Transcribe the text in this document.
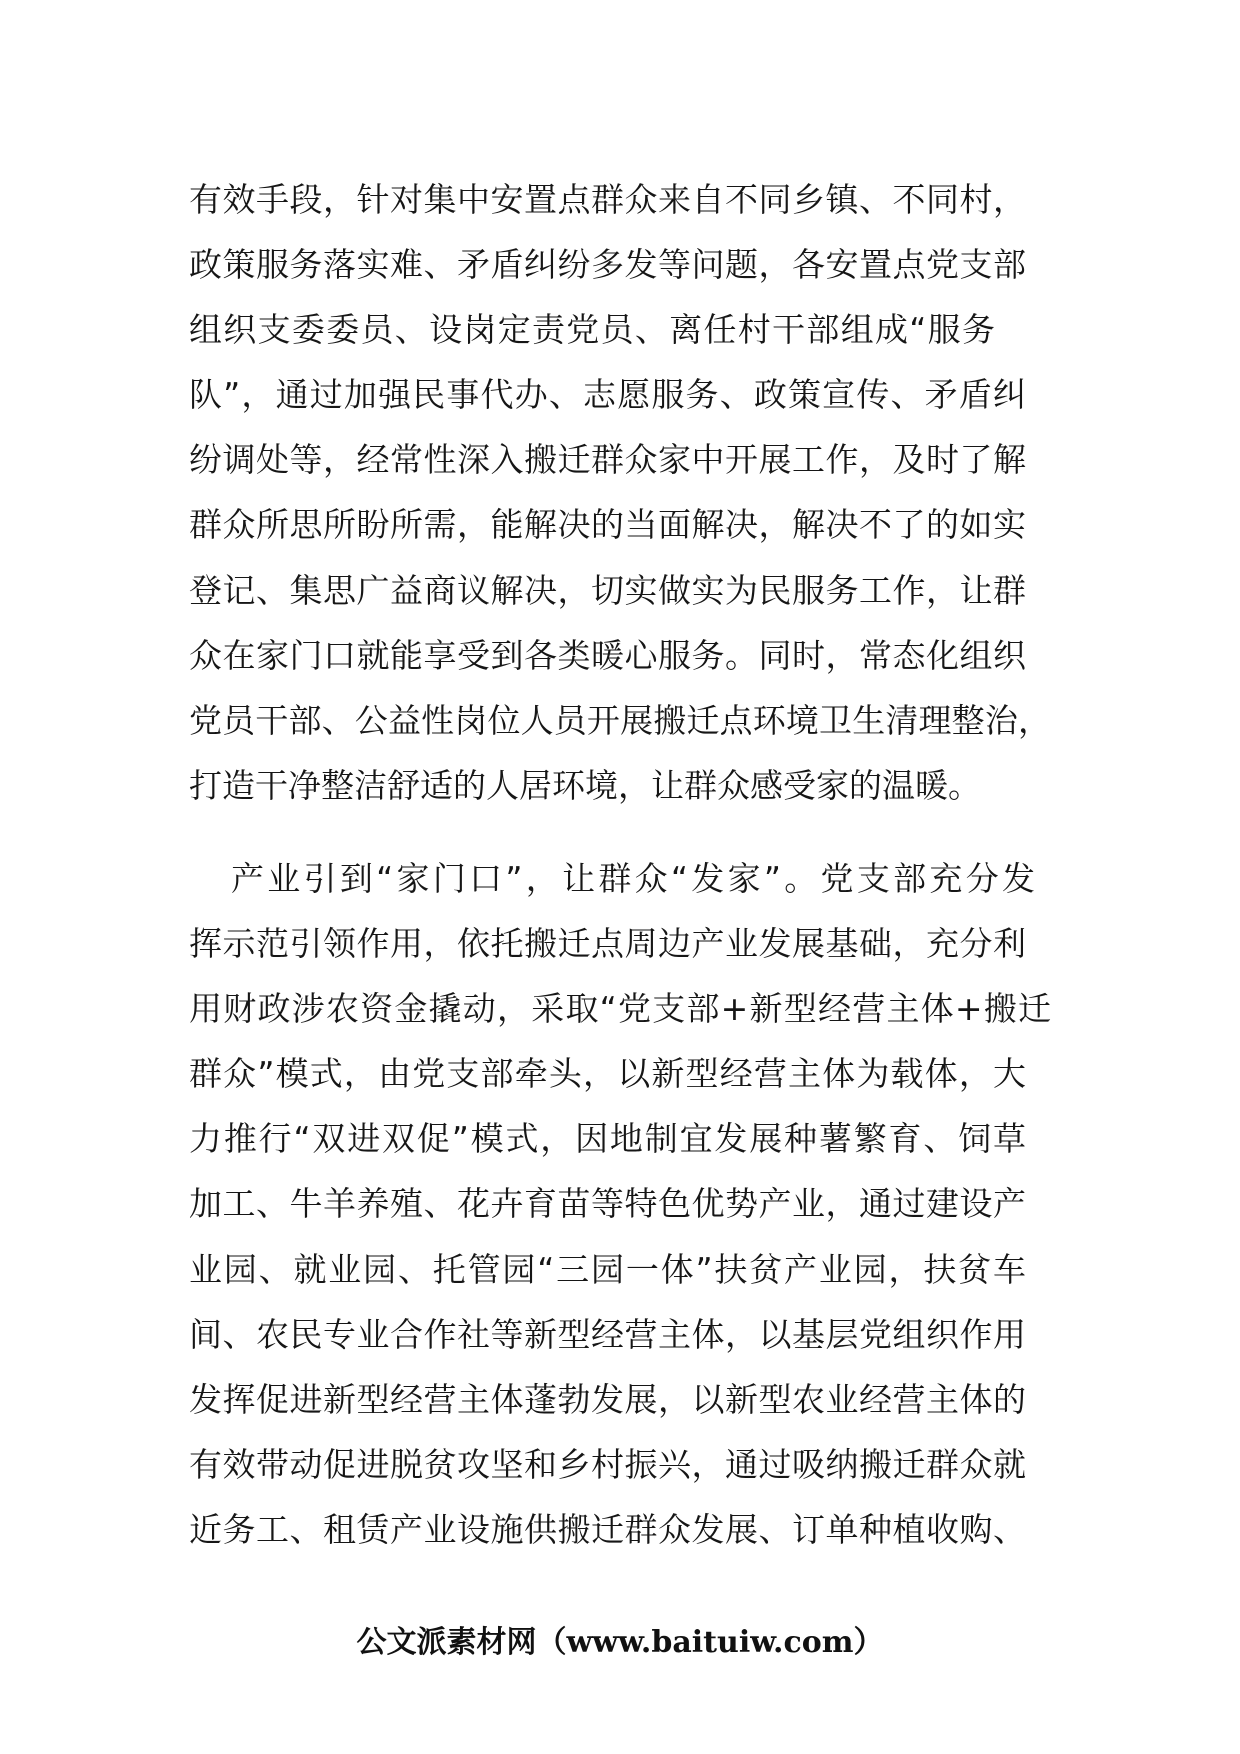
有效手段，针对集中安置点群众来自不同乡镇、不同村，
政策服务落实难、矛盾纠纷多发等问题，各安置点党支部
组织支委委员、设岗定责党员、离任村干部组成“服务
队”，通过加强民事代办、志愿服务、政策宣传、矛盾纠
纷调处等，经常性深入搬迁群众家中开展工作，及时了解
群众所思所盼所需，能解决的当面解决，解决不了的如实
登记、集思广益商议解决，切实做实为民服务工作，让群
众在家门口就能享受到各类暖心服务。同时，常态化组织
党员干部、公益性岗位人员开展搬迁点环境卫生清理整治，
打造干净整洁舒适的人居环境，让群众感受家的温暖。
产业引到“家门口”，让群众“发家”。党支部充分发
挥示范引领作用，依托搬迁点周边产业发展基础，充分利
用财政涉农资金撬动，采取“党支部+新型经营主体+搬迁
群众”模式，由党支部牵头，以新型经营主体为载体，大
力推行“双进双促”模式，因地制宜发展种薯繁育、饲草
加工、牛羊养殖、花卉育苗等特色优势产业，通过建设产
业园、就业园、托管园“三园一体”扶贫产业园，扶贫车
间、农民专业合作社等新型经营主体，以基层党组织作用
发挥促进新型经营主体蓬勃发展，以新型农业经营主体的
有效带动促进脱贫攻坚和乡村振兴，通过吸纳搬迁群众就
近务工、租赁产业设施供搬迁群众发展、订单种植收购、
公文派素材网（www.baituiw.com）
